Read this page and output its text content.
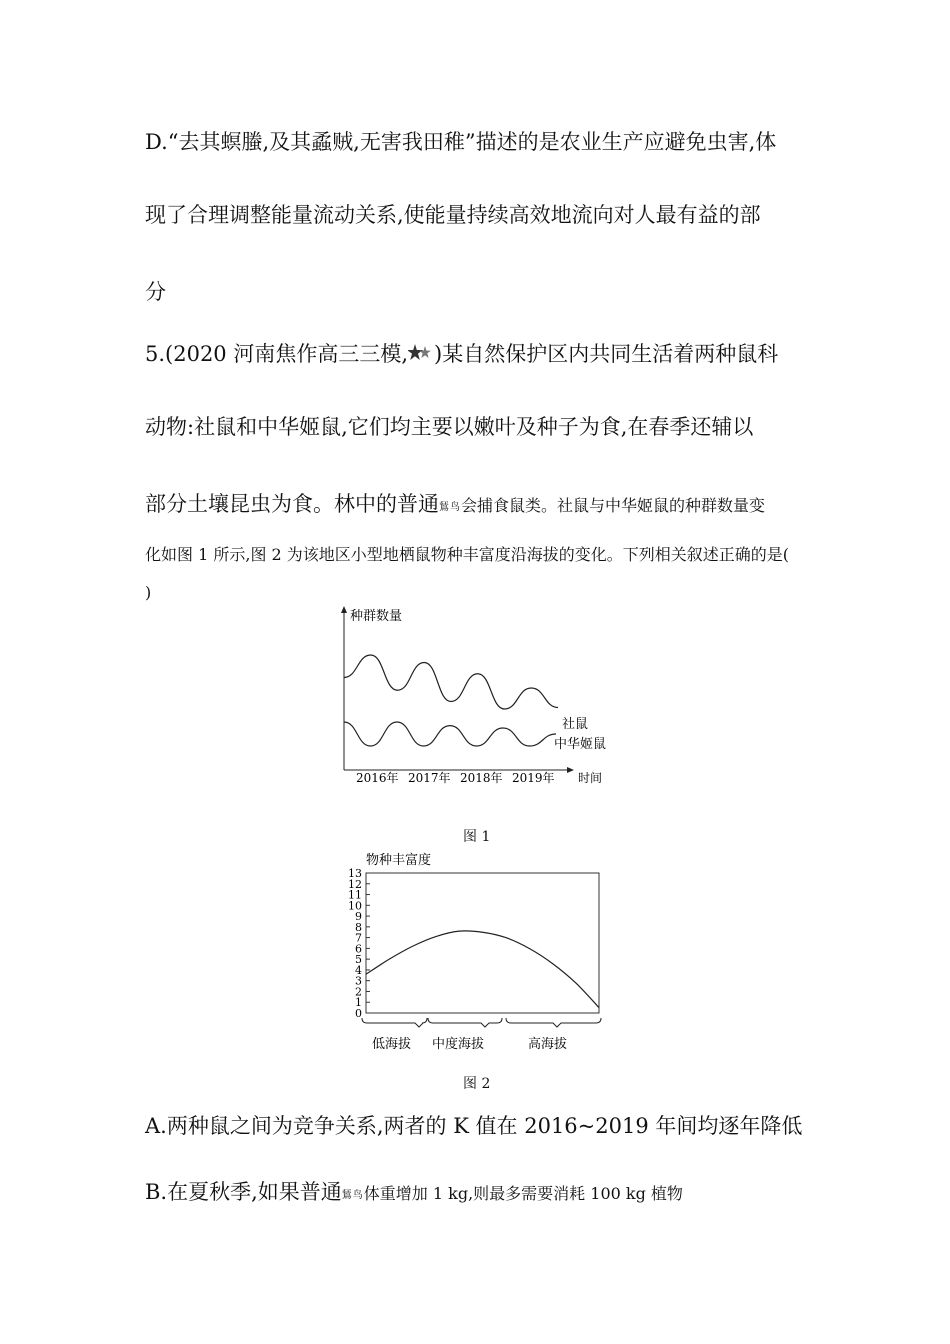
D.“去其螟螣,及其蟊贼,无害我田稚”描述的是农业生产应避免虫害,体
现了合理调整能量流动关系,使能量持续高效地流向对人最有益的部
分
5.(2020 河南焦作高三三模, )某自然保护区内共同生活着两种鼠科
动物:社鼠和中华姬鼠,它们均主要以嫩叶及种子为食,在春季还辅以
部分土壤昆虫为食。林中的普通鵟鸟会捕食鼠类。社鼠与中华姬鼠的种群数量变
化如图 1 所示,图 2 为该地区小型地栖鼠物种丰富度沿海拔的变化。下列相关叙述正确的是(
)
种群数量
2016年 2017年 2018年 2019年 时间
社鼠
中华姬鼠
图 1
物种丰富度
0
1
2
3
4
5
6
7
8
9
10
11
12
13
低海拔 中度海拔	高海拔
图 2
A.两种鼠之间为竞争关系,两者的 K 值在 2016~2019 年间均逐年降低
B.在夏秋季,如果普通鵟鸟体重增加 1 kg,则最多需要消耗 100 kg 植物
